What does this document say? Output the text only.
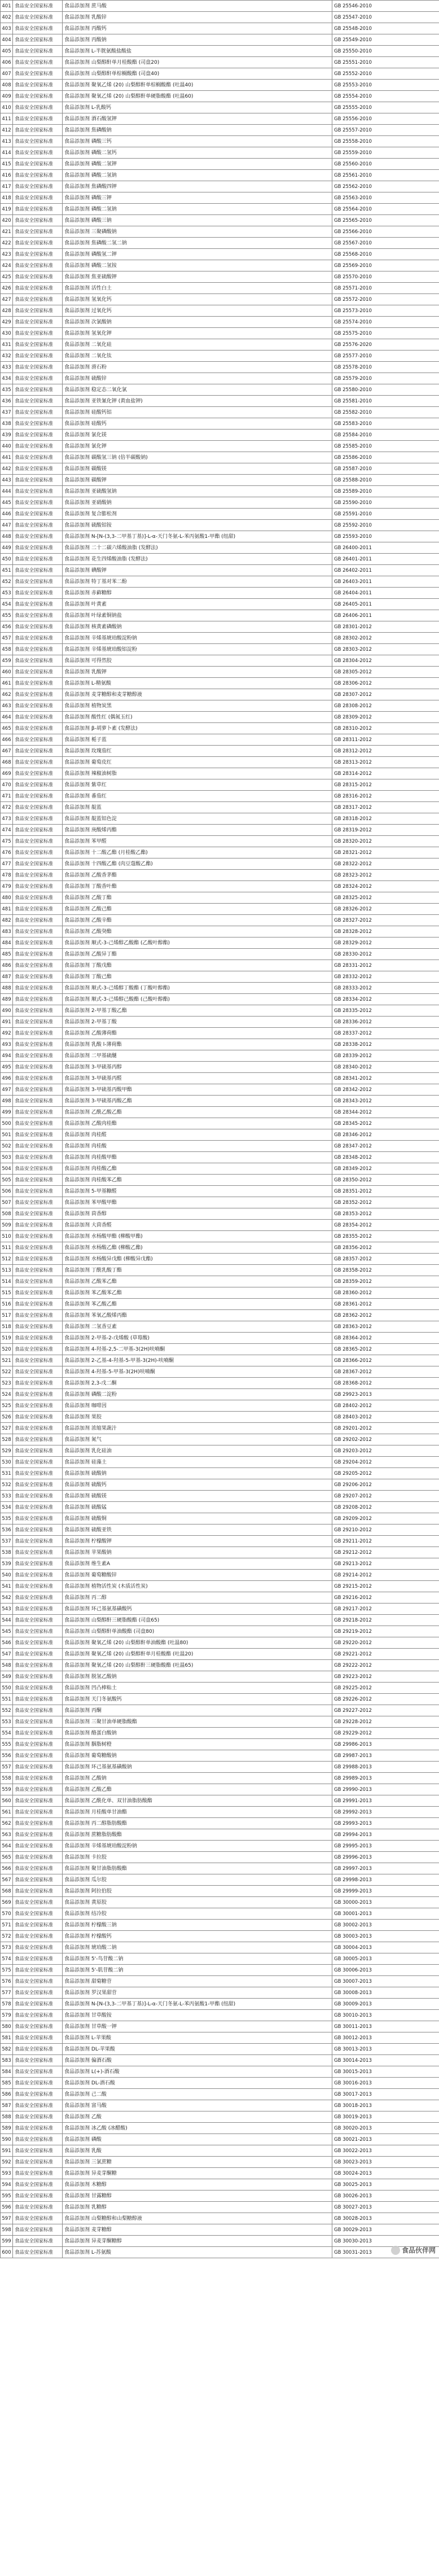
401	食品安全国家标准	食品添加剂 蔗马酸	GB 25546-2010
402	食品安全国家标准	食品添加剂 乳酸锌	GB 25547-2010
403	食品安全国家标准	食品添加剂 丙酸钙	GB 25548-2010
404	食品安全国家标准	食品添加剂 丙酸钠	GB 25549-2010
405	食品安全国家标准	食品添加剂 L-半胱氨酸盐酸盐	GB 25550-2010
406	食品安全国家标准	食品添加剂 山梨醇酐单月桂酸酯 (司盘20)	GB 25551-2010
407	食品安全国家标准	食品添加剂 山梨醇酐单棕榈酸酯 (司盘40)	GB 25552-2010
408	食品安全国家标准	食品添加剂 聚氧乙烯 (20) 山梨醇酐单棕榈酸酯 (吐温40)	GB 25553-2010
409	食品安全国家标准	食品添加剂 聚氧乙烯 (20) 山梨醇酐单硬脂酸酯 (吐温60)	GB 25554-2010
410	食品安全国家标准	食品添加剂 L-乳酸钙	GB 25555-2010
411	食品安全国家标准	食品添加剂 酒石酸氢钾	GB 25556-2010
412	食品安全国家标准	食品添加剂 焦磷酸钠	GB 25557-2010
413	食品安全国家标准	食品添加剂 磷酸三钙	GB 25558-2010
414	食品安全国家标准	食品添加剂 磷酸二氢钙	GB 25559-2010
415	食品安全国家标准	食品添加剂 磷酸二氢钾	GB 25560-2010
416	食品安全国家标准	食品添加剂 磷酸二氢钠	GB 25561-2010
417	食品安全国家标准	食品添加剂 焦磷酸四钾	GB 25562-2010
418	食品安全国家标准	食品添加剂 磷酸三钾	GB 25563-2010
419	食品安全国家标准	食品添加剂 磷酸二氢钠	GB 25564-2010
420	食品安全国家标准	食品添加剂 磷酸三钠	GB 25565-2010
421	食品安全国家标准	食品添加剂 三聚磷酸钠	GB 25566-2010
422	食品安全国家标准	食品添加剂 焦磷酸二氢二钠	GB 25567-2010
423	食品安全国家标准	食品添加剂 磷酸氢二钾	GB 25568-2010
424	食品安全国家标准	食品添加剂 磷酸二氢铵	GB 25569-2010
425	食品安全国家标准	食品添加剂 焦亚硫酸钾	GB 25570-2010
426	食品安全国家标准	食品添加剂 活性白土	GB 25571-2010
427	食品安全国家标准	食品添加剂 氢氧化钙	GB 25572-2010
428	食品安全国家标准	食品添加剂 过氧化钙	GB 25573-2010
429	食品安全国家标准	食品添加剂 次氯酸钠	GB 25574-2010
430	食品安全国家标准	食品添加剂 氢氧化钾	GB 25575-2010
431	食品安全国家标准	食品添加剂 二氧化硅	GB 25576-2020
432	食品安全国家标准	食品添加剂 二氧化钛	GB 25577-2010
433	食品安全国家标准	食品添加剂 滑石粉	GB 25578-2010
434	食品安全国家标准	食品添加剂 硫酸锌	GB 25579-2010
435	食品安全国家标准	食品添加剂 稳定态二氧化氯	GB 25580-2010
436	食品安全国家标准	食品添加剂 亚铁氰化钾 (黄血盐钾)	GB 25581-2010
437	食品安全国家标准	食品添加剂 硅酸钙铝	GB 25582-2010
438	食品安全国家标准	食品添加剂 硅酸钙	GB 25583-2010
439	食品安全国家标准	食品添加剂 氯化镁	GB 25584-2010
440	食品安全国家标准	食品添加剂 氯化钾	GB 25585-2010
441	食品安全国家标准	食品添加剂 碳酸氢三钠 (倍半碳酸钠)	GB 25586-2010
442	食品安全国家标准	食品添加剂 碳酸镁	GB 25587-2010
443	食品安全国家标准	食品添加剂 碳酸钾	GB 25588-2010
444	食品安全国家标准	食品添加剂 亚硫酸氢钠	GB 25589-2010
445	食品安全国家标准	食品添加剂 亚硝酸钠	GB 25590-2010
446	食品安全国家标准	食品添加剂 复合膨松剂	GB 25591-2010
447	食品安全国家标准	食品添加剂 硫酸铝铵	GB 25592-2010
448	食品安全国家标准	食品添加剂 N-[N-(3,3-二甲基丁基)]-L-α-天门冬氨-L-苯丙氨酸1-甲酯 (纽甜)	GB 25593-2010
449	食品安全国家标准	食品添加剂 二十二碳六烯酸油脂 (发酵法)	GB 26400-2011
450	食品安全国家标准	食品添加剂 花生四烯酸油脂 (发酵法)	GB 26401-2011
451	食品安全国家标准	食品添加剂 碘酸钾	GB 26402-2011
452	食品安全国家标准	食品添加剂 特丁基对苯二酚	GB 26403-2011
453	食品安全国家标准	食品添加剂 赤藓糖醇	GB 26404-2011
454	食品安全国家标准	食品添加剂 叶黄素	GB 26405-2011
455	食品安全国家标准	食品添加剂 叶绿素铜钠盐	GB 26406-2011
456	食品安全国家标准	食品添加剂 核黄素磷酸钠	GB 28301-2012
457	食品安全国家标准	食品添加剂 辛烯基琥珀酸淀粉钠	GB 28302-2012
458	食品安全国家标准	食品添加剂 辛烯基琥珀酸铝淀粉	GB 28303-2012
459	食品安全国家标准	食品添加剂 可得然胶	GB 28304-2012
460	食品安全国家标准	食品添加剂 乳酸钾	GB 28305-2012
461	食品安全国家标准	食品添加剂 L-精氨酸	GB 28306-2012
462	食品安全国家标准	食品添加剂 麦芽糖醇和麦芽糖醇液	GB 28307-2012
463	食品安全国家标准	食品添加剂 植物炭黑	GB 28308-2012
464	食品安全国家标准	食品添加剂 酸性红 (偶氮玉红)	GB 28309-2012
465	食品安全国家标准	食品添加剂 β-胡萝卜素 (发酵法)	GB 28310-2012
466	食品安全国家标准	食品添加剂 栀子蓝	GB 28311-2012
467	食品安全国家标准	食品添加剂 玫瑰茄红	GB 28312-2012
468	食品安全国家标准	食品添加剂 葡萄皮红	GB 28313-2012
469	食品安全国家标准	食品添加剂 辣椒油树脂	GB 28314-2012
470	食品安全国家标准	食品添加剂 紫草红	GB 28315-2012
471	食品安全国家标准	食品添加剂 番茄红	GB 28316-2012
472	食品安全国家标准	食品添加剂 靛蓝	GB 28317-2012
473	食品安全国家标准	食品添加剂 靛蓝铝色淀	GB 28318-2012
474	食品安全国家标准	食品添加剂 庚酸烯丙酯	GB 28319-2012
475	食品安全国家标准	食品添加剂 苯甲醛	GB 28320-2012
476	食品安全国家标准	食品添加剂 十二酸乙酯 (月桂酸乙酯)	GB 28321-2012
477	食品安全国家标准	食品添加剂 十四酸乙酯 (肉豆蔻酸乙酯)	GB 28322-2012
478	食品安全国家标准	食品添加剂 乙酸香茅酯	GB 28323-2012
479	食品安全国家标准	食品添加剂 丁酸香叶酯	GB 28324-2012
480	食品安全国家标准	食品添加剂 乙酸丁酯	GB 28325-2012
481	食品安全国家标准	食品添加剂 乙酸己酯	GB 28326-2012
482	食品安全国家标准	食品添加剂 乙酸辛酯	GB 28327-2012
483	食品安全国家标准	食品添加剂 乙酸癸酯	GB 28328-2012
484	食品安全国家标准	食品添加剂 顺式-3-己烯醇乙酸酯 (乙酸叶醇酯)	GB 28329-2012
485	食品安全国家标准	食品添加剂 乙酸异丁酯	GB 28330-2012
486	食品安全国家标准	食品添加剂 丁酸戊酯	GB 28331-2012
487	食品安全国家标准	食品添加剂 丁酸己酯	GB 28332-2012
488	食品安全国家标准	食品添加剂 顺式-3-己烯醇丁酸酯 (丁酸叶醇酯)	GB 28333-2012
489	食品安全国家标准	食品添加剂 顺式-3-己烯醇己酸酯 (己酸叶醇酯)	GB 28334-2012
490	食品安全国家标准	食品添加剂 2-甲基丁酸乙酯	GB 28335-2012
491	食品安全国家标准	食品添加剂 2-甲基丁酸	GB 28336-2012
492	食品安全国家标准	食品添加剂 乙酸薄荷酯	GB 28337-2012
493	食品安全国家标准	食品添加剂 乳酸 l-薄荷酯	GB 28338-2012
494	食品安全国家标准	食品添加剂 二甲基硫醚	GB 28339-2012
495	食品安全国家标准	食品添加剂 3-甲硫基丙醇	GB 28340-2012
496	食品安全国家标准	食品添加剂 3-甲硫基丙醛	GB 28341-2012
497	食品安全国家标准	食品添加剂 3-甲硫基丙酸甲酯	GB 28342-2012
498	食品安全国家标准	食品添加剂 3-甲硫基丙酸乙酯	GB 28343-2012
499	食品安全国家标准	食品添加剂 乙酰乙酸乙酯	GB 28344-2012
500	食品安全国家标准	食品添加剂 乙酸肉桂酯	GB 28345-2012
501	食品安全国家标准	食品添加剂 肉桂醛	GB 28346-2012
502	食品安全国家标准	食品添加剂 肉桂酸	GB 28347-2012
503	食品安全国家标准	食品添加剂 肉桂酸甲酯	GB 28348-2012
504	食品安全国家标准	食品添加剂 肉桂酸乙酯	GB 28349-2012
505	食品安全国家标准	食品添加剂 肉桂酸苯乙酯	GB 28350-2012
506	食品安全国家标准	食品添加剂 5-甲基糠醛	GB 28351-2012
507	食品安全国家标准	食品添加剂 苯甲酸甲酯	GB 28352-2012
508	食品安全国家标准	食品添加剂 茴香醇	GB 28353-2012
509	食品安全国家标准	食品添加剂 大茴香醛	GB 28354-2012
510	食品安全国家标准	食品添加剂 水杨酸甲酯 (柳酸甲酯)	GB 28355-2012
511	食品安全国家标准	食品添加剂 水杨酸乙酯 (柳酸乙酯)	GB 28356-2012
512	食品安全国家标准	食品添加剂 水杨酸异戊酯 (柳酸异戊酯)	GB 28357-2012
513	食品安全国家标准	食品添加剂 丁酰乳酸丁酯	GB 28358-2012
514	食品安全国家标准	食品添加剂 乙酸苯乙酯	GB 28359-2012
515	食品安全国家标准	食品添加剂 苯乙酸苯乙酯	GB 28360-2012
516	食品安全国家标准	食品添加剂 苯乙酸乙酯	GB 28361-2012
517	食品安全国家标准	食品添加剂 苯氧乙酸烯丙酯	GB 28362-2012
518	食品安全国家标准	食品添加剂 二氢香豆素	GB 28363-2012
519	食品安全国家标准	食品添加剂 2-甲基-2-戊烯酸 (草莓酸)	GB 28364-2012
520	食品安全国家标准	食品添加剂 4-羟基-2,5-二甲基-3(2H)呋喃酮	GB 28365-2012
521	食品安全国家标准	食品添加剂 2-乙基-4-羟基-5-甲基-3(2H)-呋喃酮	GB 28366-2012
522	食品安全国家标准	食品添加剂 4-羟基-5-甲基-3(2H)呋喃酮	GB 28367-2012
523	食品安全国家标准	食品添加剂 2,3-戊二酮	GB 28368-2012
524	食品安全国家标准	食品添加剂 磷酸二淀粉	GB 29923-2013
525	食品安全国家标准	食品添加剂 咖啡因	GB 28402-2012
526	食品安全国家标准	食品添加剂 果胶	GB 28403-2012
527	食品安全国家标准	食品添加剂 浓缩果蔬汁	GB 29201-2012
528	食品安全国家标准	食品添加剂 氮气	GB 29202-2012
529	食品安全国家标准	食品添加剂 乳化硅油	GB 29203-2012
530	食品安全国家标准	食品添加剂 硅藻土	GB 29204-2012
531	食品安全国家标准	食品添加剂 硫酸钠	GB 29205-2012
532	食品安全国家标准	食品添加剂 硫酸钙	GB 29206-2012
533	食品安全国家标准	食品添加剂 硫酸镁	GB 29207-2012
534	食品安全国家标准	食品添加剂 硫酸锰	GB 29208-2012
535	食品安全国家标准	食品添加剂 硫酸铜	GB 29209-2012
536	食品安全国家标准	食品添加剂 硫酸亚铁	GB 29210-2012
537	食品安全国家标准	食品添加剂 柠檬酸钾	GB 29211-2012
538	食品安全国家标准	食品添加剂 苹果酸钠	GB 29212-2012
539	食品安全国家标准	食品添加剂 维生素A	GB 29213-2012
540	食品安全国家标准	食品添加剂 葡萄糖酸锌	GB 29214-2012
541	食品安全国家标准	食品添加剂 植物活性炭 (木质活性炭)	GB 29215-2012
542	食品安全国家标准	食品添加剂 丙二醇	GB 29216-2012
543	食品安全国家标准	食品添加剂 环己基氨基磺酸钙	GB 29217-2012
544	食品安全国家标准	食品添加剂 山梨醇酐三硬脂酸酯 (司盘65)	GB 29218-2012
545	食品安全国家标准	食品添加剂 山梨醇酐单油酸酯 (司盘80)	GB 29219-2012
546	食品安全国家标准	食品添加剂 聚氧乙烯 (20) 山梨醇酐单油酸酯 (吐温80)	GB 29220-2012
547	食品安全国家标准	食品添加剂 聚氧乙烯 (20) 山梨醇酐单月桂酸酯 (吐温20)	GB 29221-2012
548	食品安全国家标准	食品添加剂 聚氧乙烯 (20) 山梨醇酐三硬脂酸酯 (吐温65)	GB 29222-2012
549	食品安全国家标准	食品添加剂 脱氢乙酸钠	GB 29223-2012
550	食品安全国家标准	食品添加剂 凹凸棒粘土	GB 29225-2012
551	食品安全国家标准	食品添加剂 天门冬氨酸钙	GB 29226-2012
552	食品安全国家标准	食品添加剂 丙酮	GB 29227-2012
553	食品安全国家标准	食品添加剂 三聚甘油单硬脂酸酯	GB 29228-2012
554	食品安全国家标准	食品添加剂 酪蛋白酸钠	GB 29229-2012
555	食品安全国家标准	食品添加剂 胭脂树橙	GB 29986-2013
556	食品安全国家标准	食品添加剂 葡萄糖酸钠	GB 29987-2013
557	食品安全国家标准	食品添加剂 环己基氨基磺酸钠	GB 29988-2013
558	食品安全国家标准	食品添加剂 乙酸钠	GB 29989-2013
559	食品安全国家标准	食品添加剂 乙酸乙酯	GB 29990-2013
560	食品安全国家标准	食品添加剂 乙酰化单、双甘油脂肪酸酯	GB 29991-2013
561	食品安全国家标准	食品添加剂 月桂酸单甘油酯	GB 29992-2013
562	食品安全国家标准	食品添加剂 丙二醇脂肪酸酯	GB 29993-2013
563	食品安全国家标准	食品添加剂 蔗糖脂肪酸酯	GB 29994-2013
564	食品安全国家标准	食品添加剂 辛烯基琥珀酸淀粉钠	GB 29995-2013
565	食品安全国家标准	食品添加剂 卡拉胶	GB 29996-2013
566	食品安全国家标准	食品添加剂 聚甘油脂肪酸酯	GB 29997-2013
567	食品安全国家标准	食品添加剂 瓜尔胶	GB 29998-2013
568	食品安全国家标准	食品添加剂 阿拉伯胶	GB 29999-2013
569	食品安全国家标准	食品添加剂 黄原胶	GB 30000-2013
570	食品安全国家标准	食品添加剂 结冷胶	GB 30001-2013
571	食品安全国家标准	食品添加剂 柠檬酸三钠	GB 30002-2013
572	食品安全国家标准	食品添加剂 柠檬酸钙	GB 30003-2013
573	食品安全国家标准	食品添加剂 琥珀酸二钠	GB 30004-2013
574	食品安全国家标准	食品添加剂 5'-鸟苷酸二钠	GB 30005-2013
575	食品安全国家标准	食品添加剂 5'-肌苷酸二钠	GB 30006-2013
576	食品安全国家标准	食品添加剂 甜菊糖苷	GB 30007-2013
577	食品安全国家标准	食品添加剂 罗汉果甜苷	GB 30008-2013
578	食品安全国家标准	食品添加剂 N-[N-(3,3-二甲基丁基)]-L-α-天门冬氨-L-苯丙氨酸1-甲酯 (纽甜)	GB 30009-2013
579	食品安全国家标准	食品添加剂 甘草酸铵	GB 30010-2013
580	食品安全国家标准	食品添加剂 甘草酸一钾	GB 30011-2013
581	食品安全国家标准	食品添加剂 L-苹果酸	GB 30012-2013
582	食品安全国家标准	食品添加剂 DL-苹果酸	GB 30013-2013
583	食品安全国家标准	食品添加剂 偏酒石酸	GB 30014-2013
584	食品安全国家标准	食品添加剂 L(+)-酒石酸	GB 30015-2013
585	食品安全国家标准	食品添加剂 DL-酒石酸	GB 30016-2013
586	食品安全国家标准	食品添加剂 己二酸	GB 30017-2013
587	食品安全国家标准	食品添加剂 富马酸	GB 30018-2013
588	食品安全国家标准	食品添加剂 乙酸	GB 30019-2013
589	食品安全国家标准	食品添加剂 冰乙酸 (冰醋酸)	GB 30020-2013
590	食品安全国家标准	食品添加剂 磷酸	GB 30021-2013
591	食品安全国家标准	食品添加剂 乳酸	GB 30022-2013
592	食品安全国家标准	食品添加剂 三氯蔗糖	GB 30023-2013
593	食品安全国家标准	食品添加剂 异麦芽酮糖	GB 30024-2013
594	食品安全国家标准	食品添加剂 木糖醇	GB 30025-2013
595	食品安全国家标准	食品添加剂 甘露糖醇	GB 30026-2013
596	食品安全国家标准	食品添加剂 乳糖醇	GB 30027-2013
597	食品安全国家标准	食品添加剂 山梨糖醇和山梨糖醇液	GB 30028-2013
598	食品安全国家标准	食品添加剂 麦芽糖醇	GB 30029-2013
599	食品安全国家标准	食品添加剂 异麦芽酮糖醇	GB 30030-2013
600	食品安全国家标准	食品添加剂 L-苏氨酸	GB 30031-2013	食品伙伴网
